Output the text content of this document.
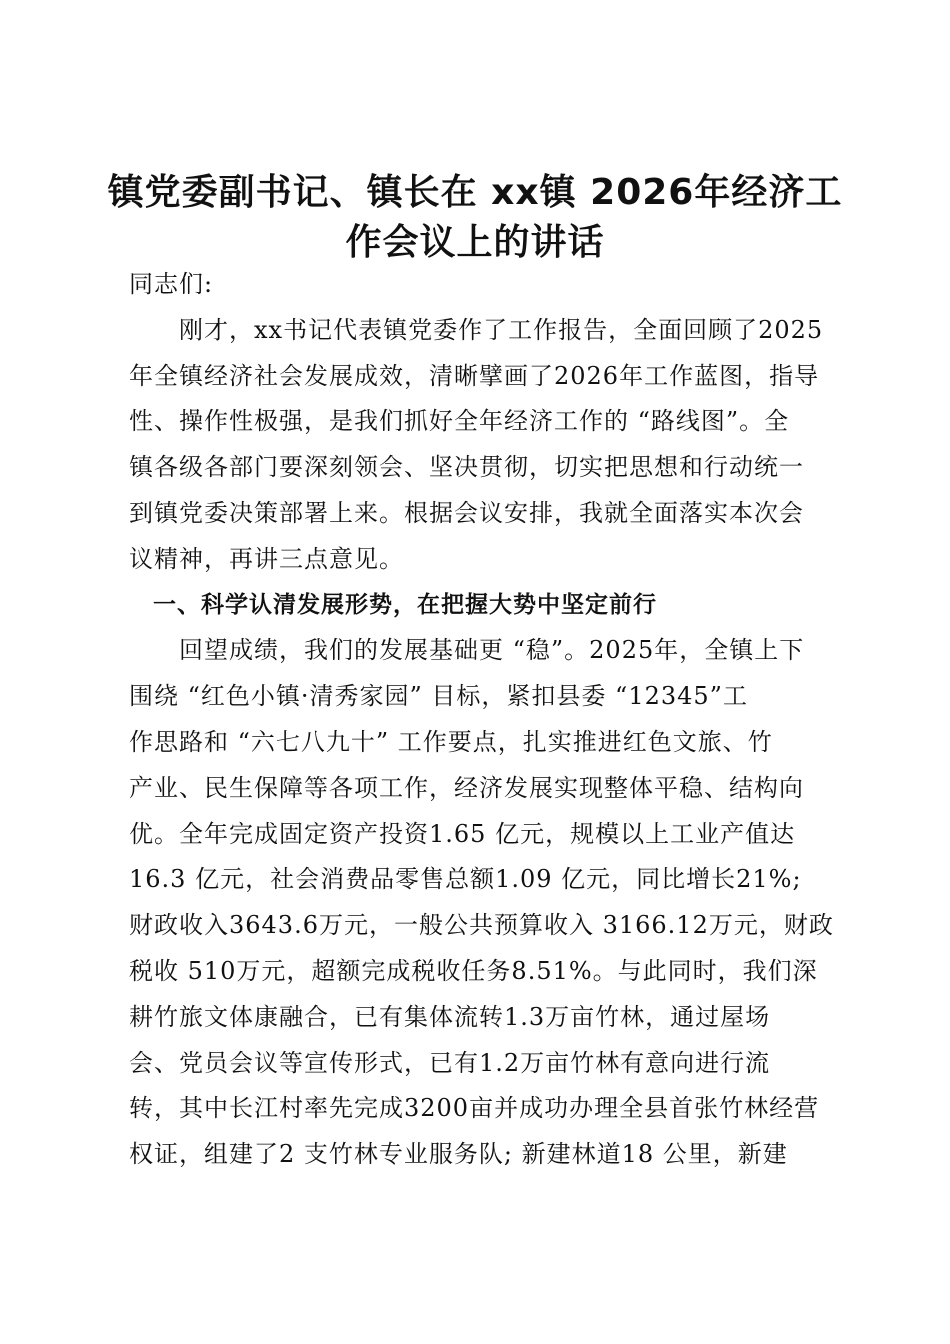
镇党委副书记、镇长在 xx镇 2026年经济工
作会议上的讲话
同志们:
　　刚才，xx书记代表镇党委作了工作报告，全面回顾了2025
年全镇经济社会发展成效，清晰擘画了2026年工作蓝图，指导
性、操作性极强，是我们抓好全年经济工作的 “路线图”。全
镇各级各部门要深刻领会、坚决贯彻，切实把思想和行动统一
到镇党委决策部署上来。根据会议安排，我就全面落实本次会
议精神，再讲三点意见。
　一、科学认清发展形势，在把握大势中坚定前行
　　回望成绩，我们的发展基础更 “稳”。2025年，全镇上下
围绕 “红色小镇·清秀家园” 目标，紧扣县委 “12345”工
作思路和 “六七八九十” 工作要点，扎实推进红色文旅、竹
产业、民生保障等各项工作，经济发展实现整体平稳、结构向
优。全年完成固定资产投资1.65 亿元，规模以上工业产值达
16.3 亿元，社会消费品零售总额1.09 亿元，同比增长21%;
财政收入3643.6万元，一般公共预算收入 3166.12万元，财政
税收 510万元，超额完成税收任务8.51%。与此同时，我们深
耕竹旅文体康融合，已有集体流转1.3万亩竹林，通过屋场
会、党员会议等宣传形式，已有1.2万亩竹林有意向进行流
转，其中长江村率先完成3200亩并成功办理全县首张竹林经营
权证，组建了2 支竹林专业服务队; 新建林道18 公里，新建
